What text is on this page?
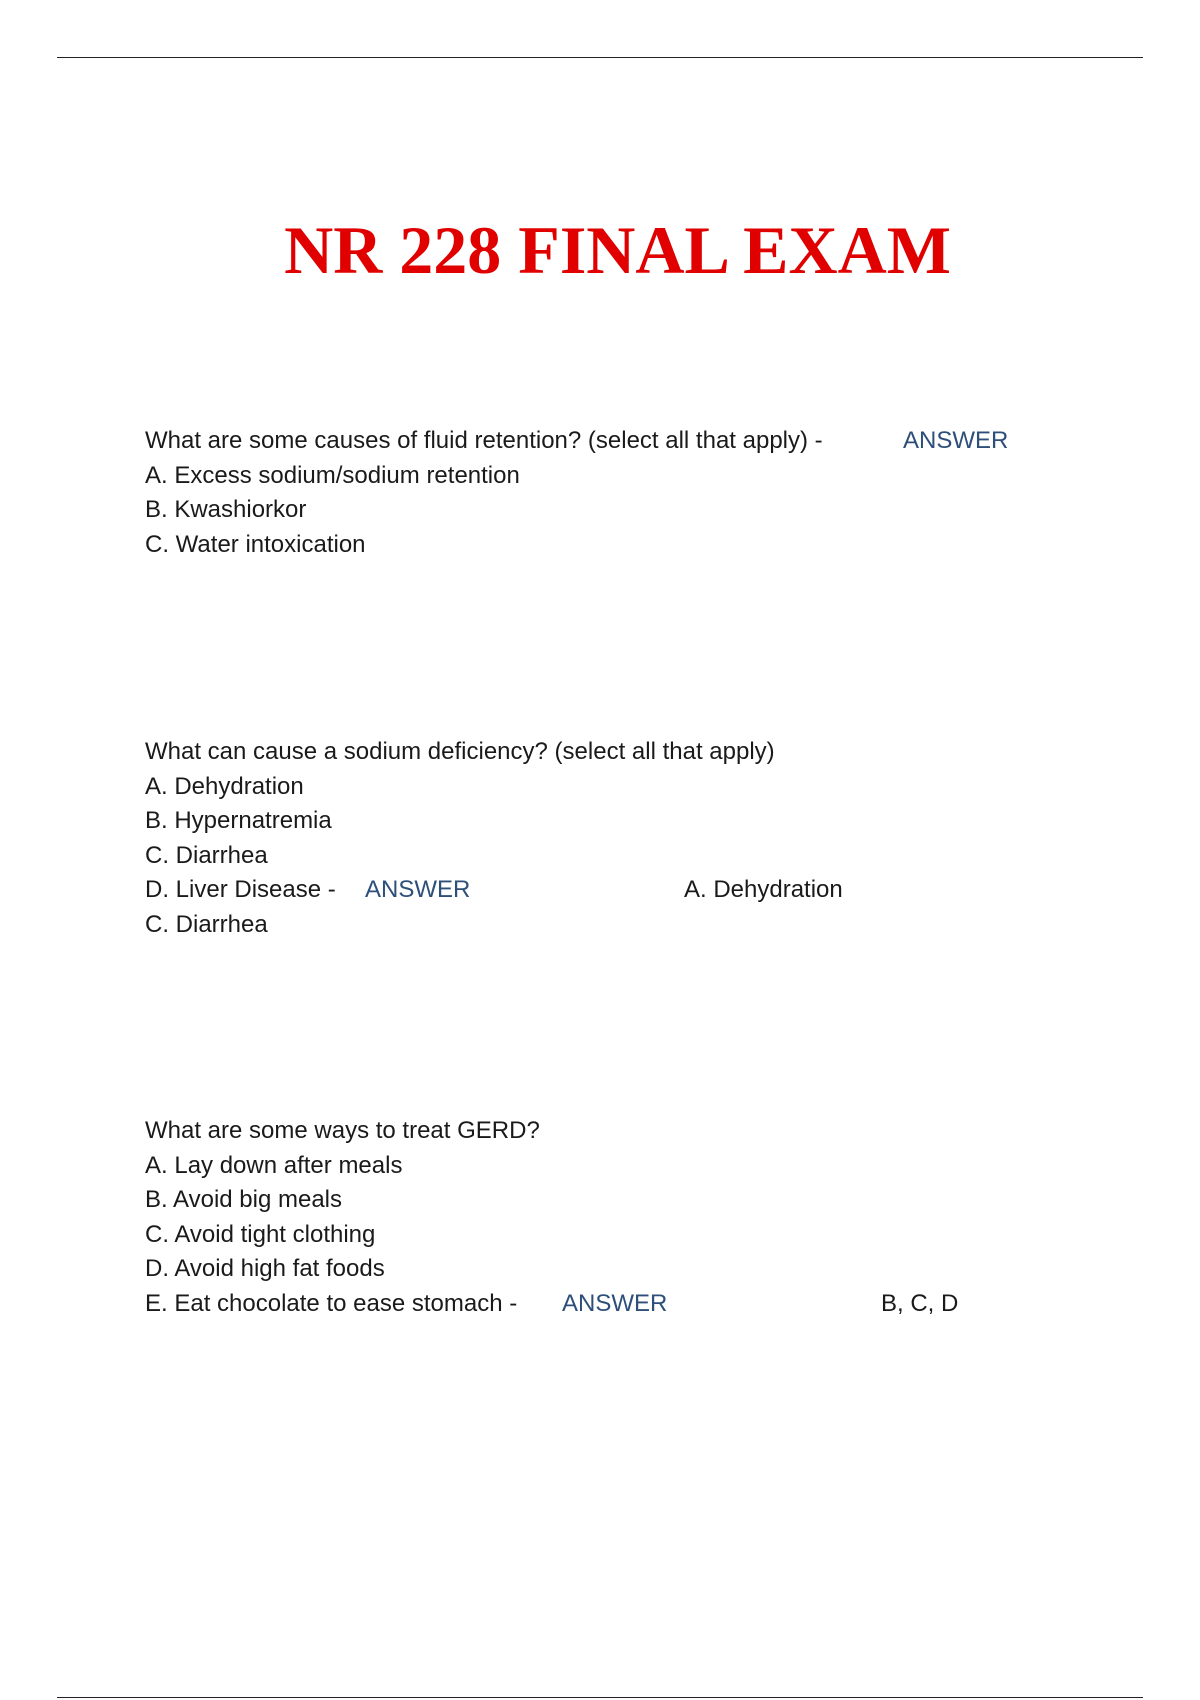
NR 228 FINAL EXAM
What are some causes of fluid retention? (select all that apply) -	ANSWER
A. Excess sodium/sodium retention
B. Kwashiorkor
C. Water intoxication
What can cause a sodium deficiency? (select all that apply)
A. Dehydration
B. Hypernatremia
C. Diarrhea
D. Liver Disease - ANSWER	A. Dehydration
C. Diarrhea
What are some ways to treat GERD?
A. Lay down after meals
B. Avoid big meals
C. Avoid tight clothing
D. Avoid high fat foods
E. Eat chocolate to ease stomach - ANSWER	B, C, D
